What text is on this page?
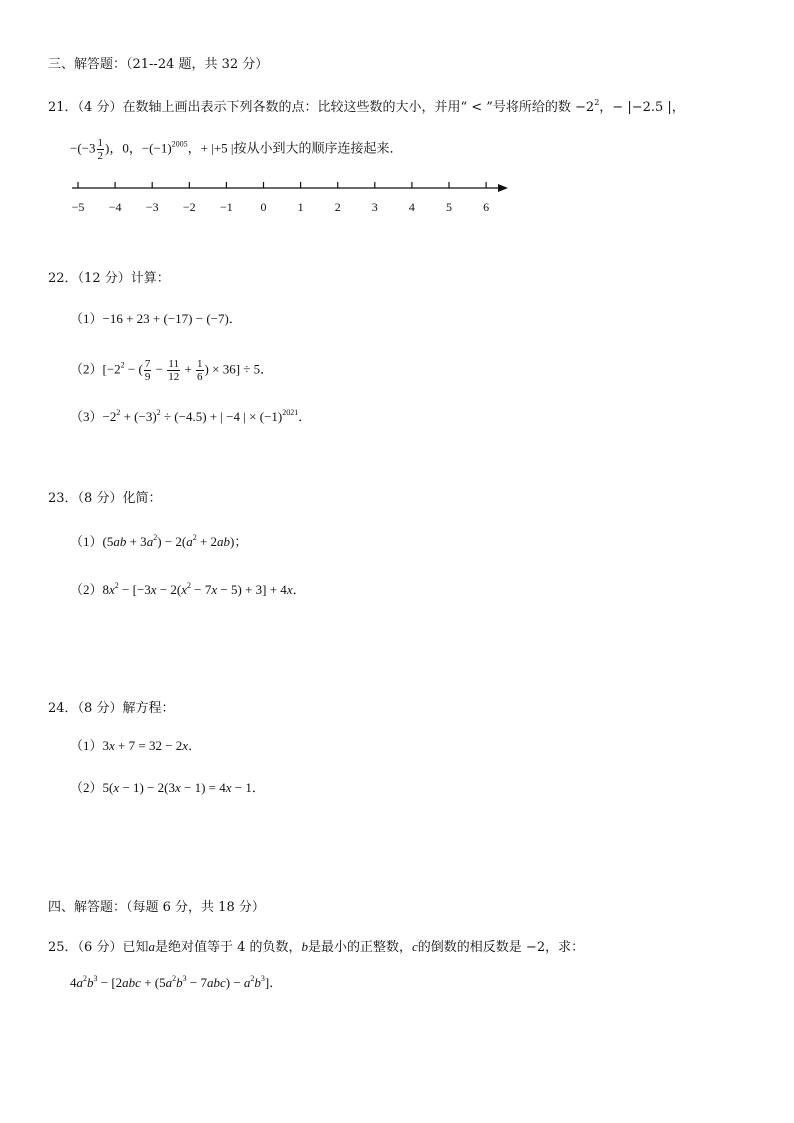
三、解答题：（21--24 题，共 32 分）
21．（4 分）在数轴上画出表示下列各数的点：比较这些数的大小，并用“ < ”号将所给的数 $-2^2$，− |−2.5 |，
$-(-3 \frac{1}{2}$ )，0，$-(-1)^{2005}$，+ |+5 |按从小到大的顺序连接起来．
−5 −4 −3 −2 −1 0	1	2	3	4	5	6
22．（12 分）计算：
（1）−16 + 23 + (−17) − (−7)．
$(2)[-2^2$ − ( $\frac{7}{9} - \frac{11}{12} + \frac{1}{6}$ ) × 36] ÷ 5．
$(3)-2^2 + (-3)^2 \div (-4.5)$ + | −4 | × $(-1)^{2021}$．
23．（8 分）化简：
$(1)(5ab + 3a^2) - 2(a^2 + 2ab)$；
$(2)8x^2 - [-3x - 2(x^2 - 7x - 5) + 3] + 4x$．
24．（8 分）解方程：
（1）3x + 7 = 32 − 2x．
（2）5(x − 1) − 2(3x − 1) = 4x − 1．
四、解答题：（每题 6 分，共 18 分）
25．（6 分）已知a是绝对值等于 4 的负数，b是最小的正整数，c的倒数的相反数是 −2，求：
$4a^2b^3 - [2abc + (5a^2b^3 - 7abc) - a^2b^3]$．
